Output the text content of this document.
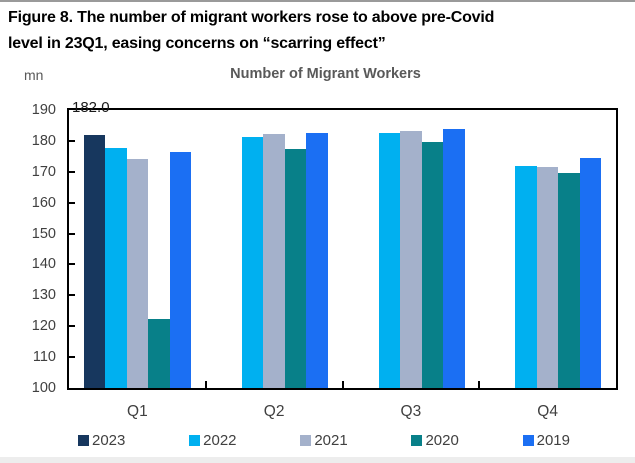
Figure 8. The number of migrant workers rose to above pre-Covid
level in 23Q1, easing concerns on “scarring effect”
mn	Number of Migrant Workers
100
110
120
130
140
150
160
170
180
190
Q1	Q2	Q3	Q4
182.0
2023	2022	2021	2020	2019
